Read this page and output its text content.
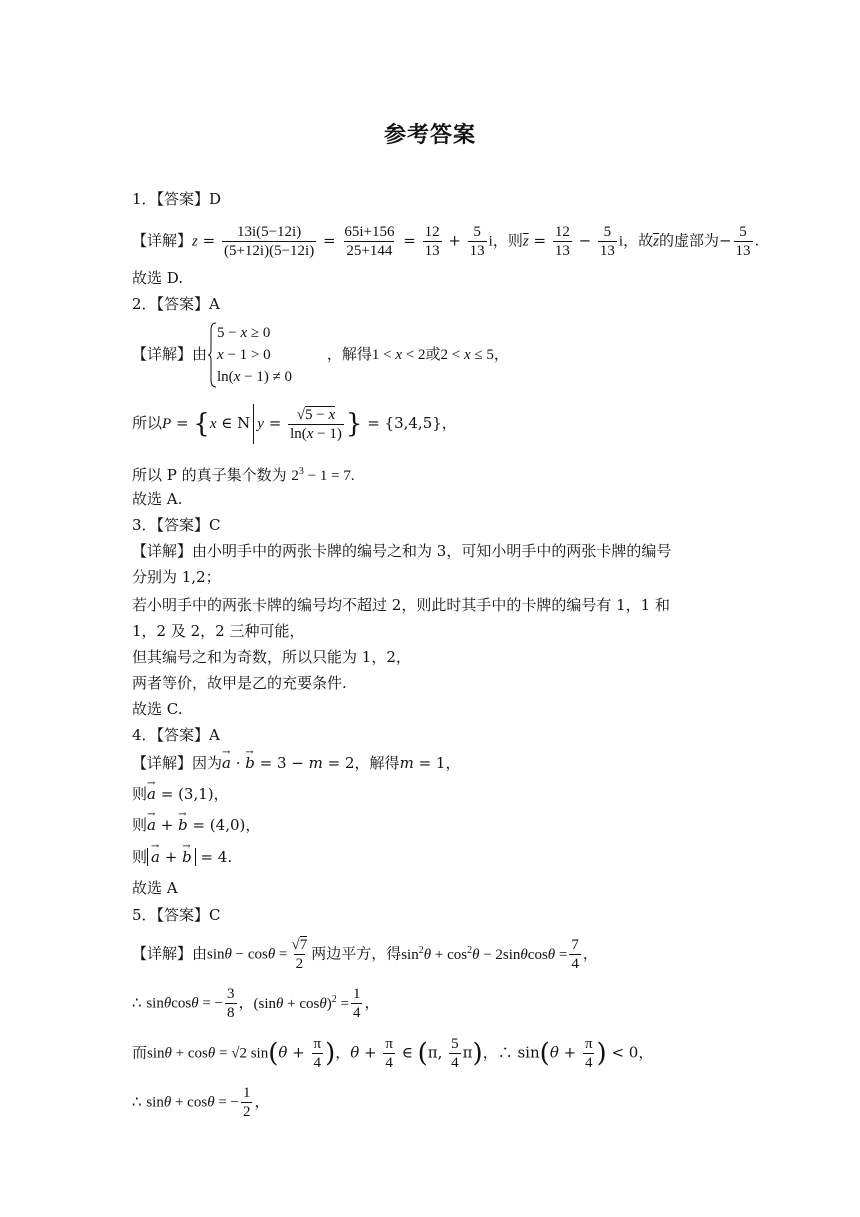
参考答案
1．【答案】D
【详解】$z = \frac{13i(5-12i)}{(5+12i)(5-12i)} = \frac{65i+156}{25+144} = \frac{12}{13} + \frac{5}{13}$ i，则$\overline{z} = \frac{12}{13} - \frac{5}{13}$ i，故$\overline{z}$的虚部为− $\frac{5}{13}$ .
故选 D.
2．【答案】A
【详解】由
5 − x ≥ 0
x − 1 > 0
ln(x − 1) ≠ 0
，解得1 < x < 2或2 < x ≤ 5，
所以P = {x ∈ N $y = \frac{√5 - x}{\ln(x - 1)}$ } = {3,4,5}，
所以 P 的真子集个数为 $2^3 - 1 = 7$.
故选 A.
3．【答案】C
【详解】由小明手中的两张卡牌的编号之和为 3，可知小明手中的两张卡牌的编号
分别为 1,2；
若小明手中的两张卡牌的编号均不超过 2，则此时其手中的卡牌的编号有 1，1 和
1，2 及 2，2 三种可能，
但其编号之和为奇数，所以只能为 1，2，
两者等价，故甲是乙的充要条件.
故选 C.
4．【答案】A
【详解】因为→ a · → b = 3 − m = 2，解得m = 1，
则→ a = (3,1)，
则→ a + → b = (4,0)，
则 → a + → b = 4.
故选 A
5．【答案】C
【详解】由$\sin\theta - \cos\theta = \frac{√7}{2}$ 两边平方，得$\sin^2\theta + \cos^2\theta - 2\sin\theta\cos\theta = \frac{7}{4}$ ，
∴ sinθcosθ = − $\frac{3}{8}$ ，$(\sin\theta + \cos\theta)^2 = \frac{1}{4}$ ，
而sinθ + cosθ = √2 $\sin(\theta + \frac{\pi}{4}$ )，$\theta + \frac{\pi}{4}$ ∈ (π, $\frac{5}{4} \pi$)，∴ $\sin(\theta + \frac{\pi}{4}$ ) < 0，
∴ sinθ + cosθ = − $\frac{1}{2}$ ，
